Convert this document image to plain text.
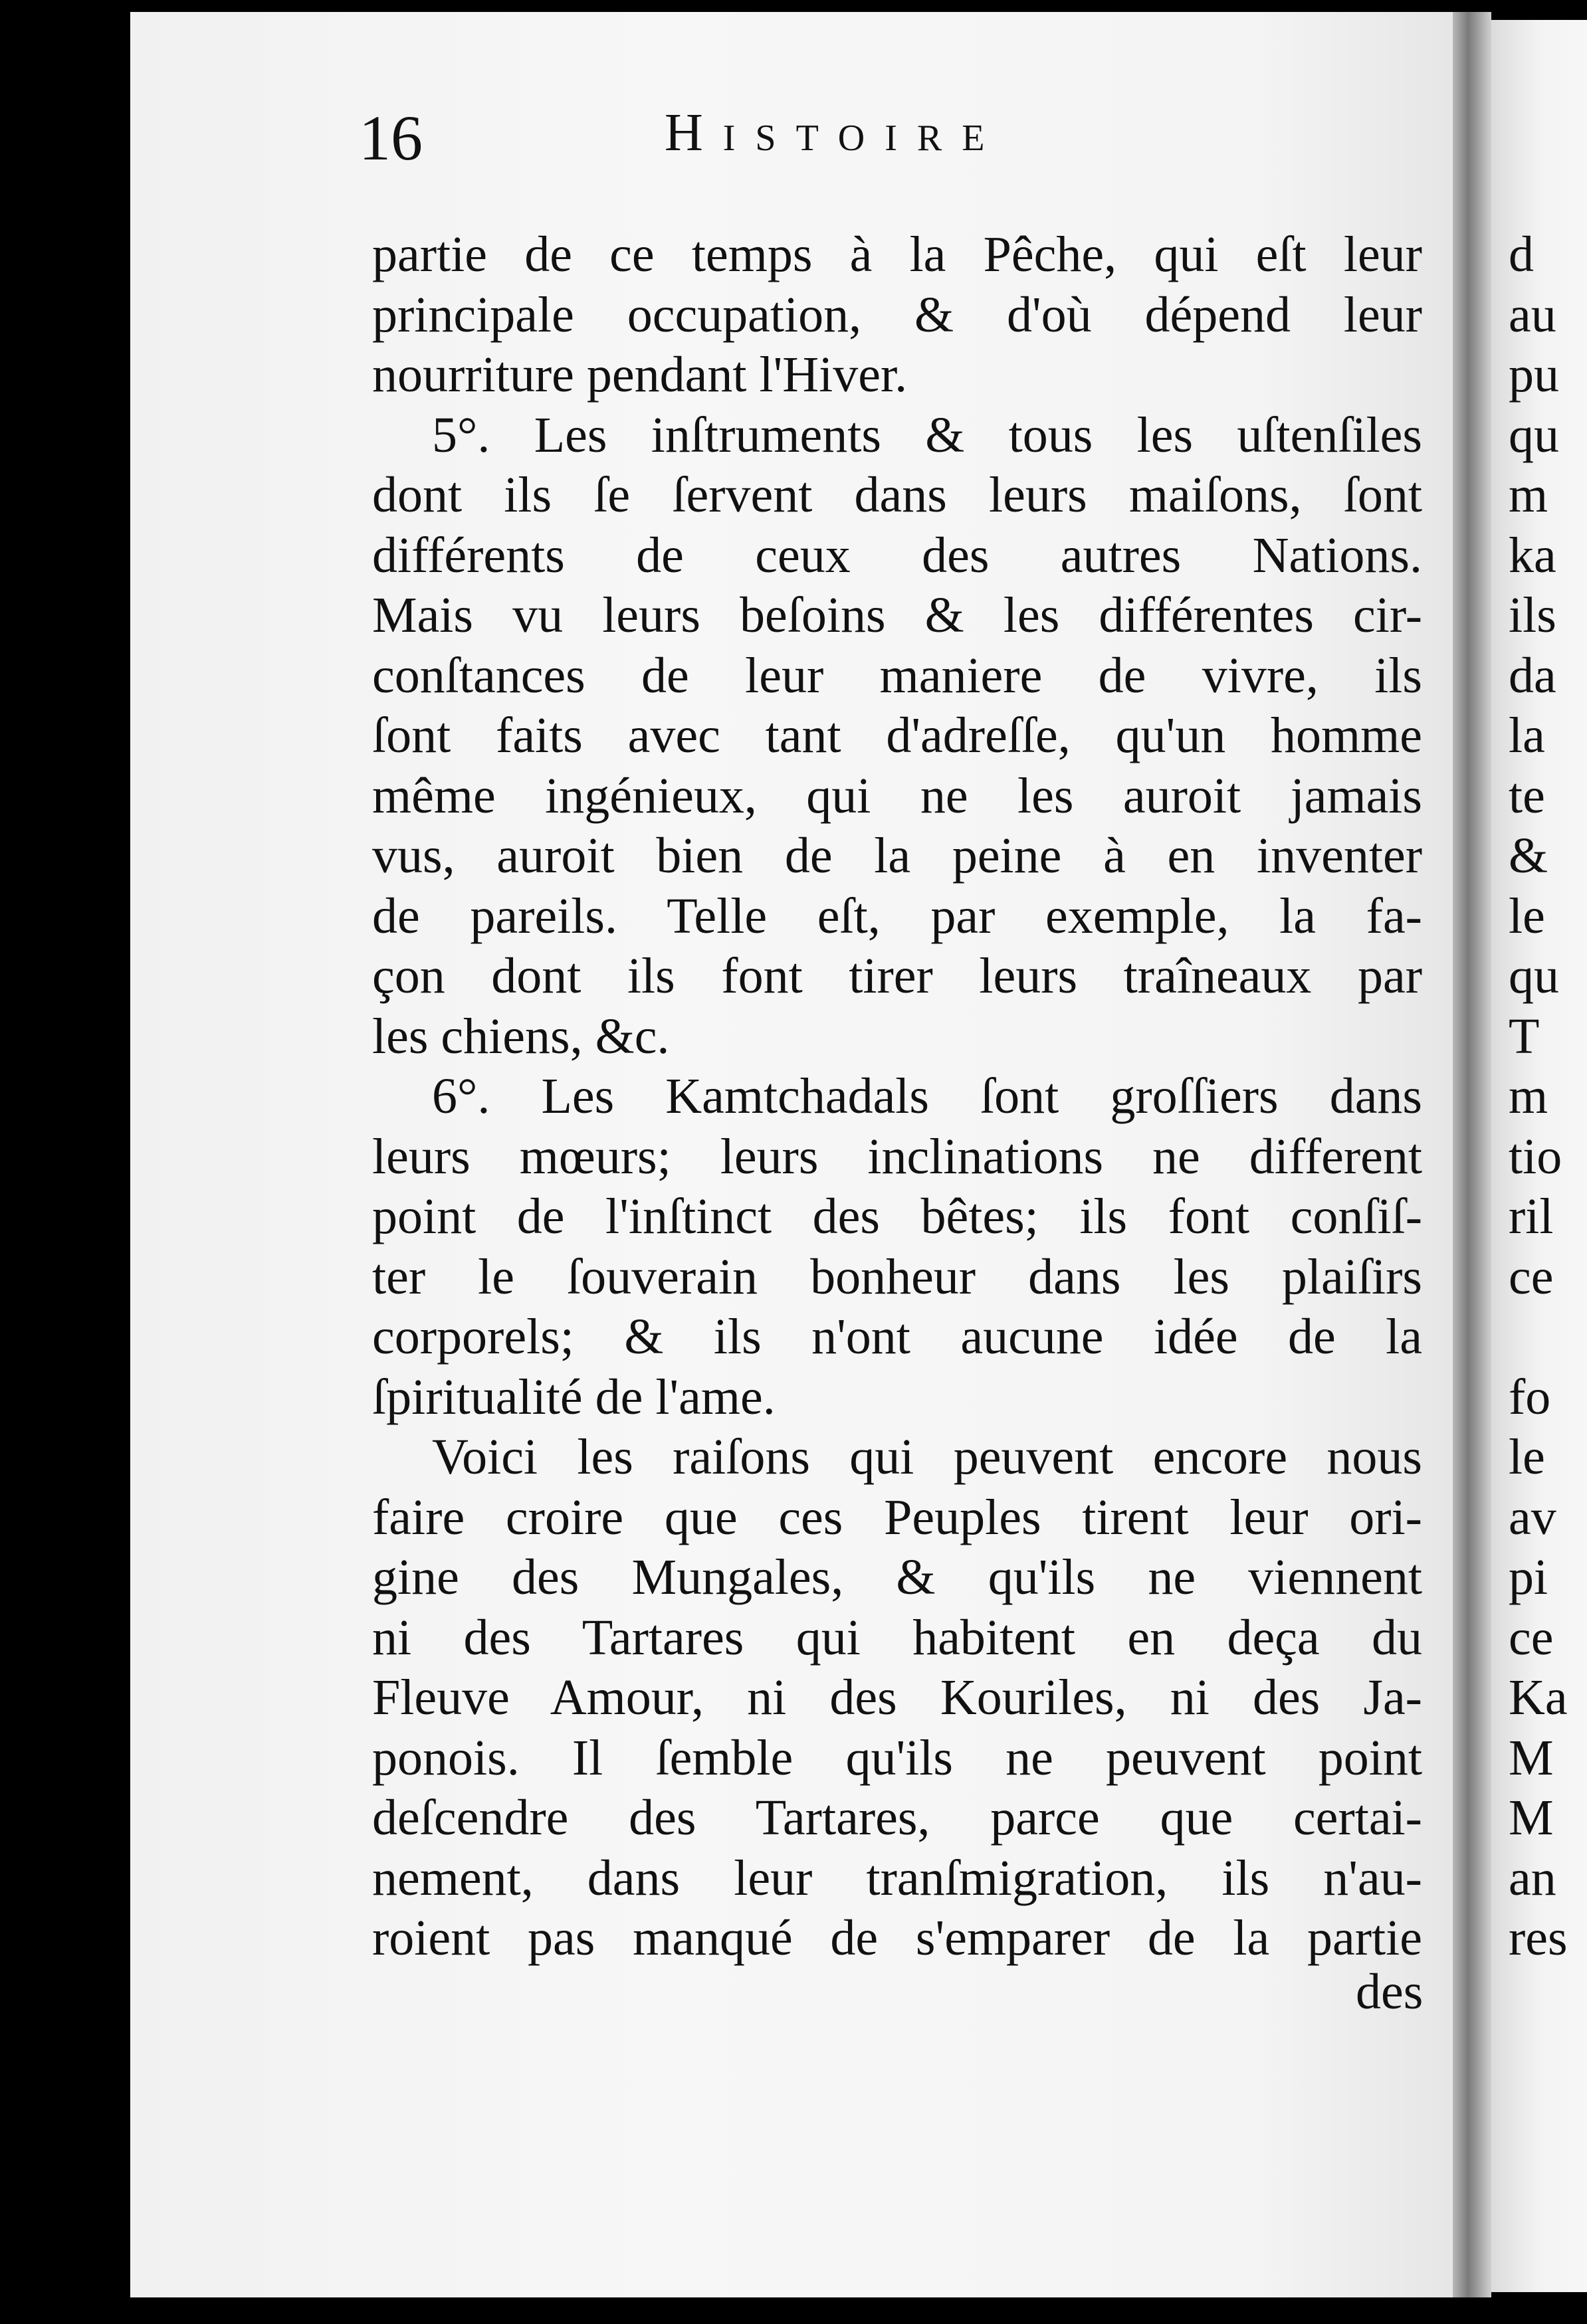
16	Histoire
partie de ce temps à la Pêche, qui eſt leur
principale occupation, & d'où dépend leur
nourriture pendant l'Hiver.
5°. Les inſtruments & tous les uſtenſiles
dont ils ſe ſervent dans leurs maiſons, ſont
différents de ceux des autres Nations.
Mais vu leurs beſoins & les différentes cir-
conſtances de leur maniere de vivre, ils
ſont faits avec tant d'adreſſe, qu'un homme
même ingénieux, qui ne les auroit jamais
vus, auroit bien de la peine à en inventer
de pareils. Telle eſt, par exemple, la fa-
çon dont ils font tirer leurs traîneaux par
les chiens, &c.
6°. Les Kamtchadals ſont groſſiers dans
leurs mœurs; leurs inclinations ne different
point de l'inſtinct des bêtes; ils font conſiſ-
ter le ſouverain bonheur dans les plaiſirs
corporels; & ils n'ont aucune idée de la
ſpiritualité de l'ame.
Voici les raiſons qui peuvent encore nous
faire croire que ces Peuples tirent leur ori-
gine des Mungales, & qu'ils ne viennent
ni des Tartares qui habitent en deça du
Fleuve Amour, ni des Kouriles, ni des Ja-
ponois. Il ſemble qu'ils ne peuvent point
deſcendre des Tartares, parce que certai-
nement, dans leur tranſmigration, ils n'au-
roient pas manqué de s'emparer de la partie
des
d
au
pu
qu
m
ka
ils
da
la
te
&
le
qu
T
m
tio
ril
ce
fo
le
av
pi
ce
Ka
M
M
an
res
